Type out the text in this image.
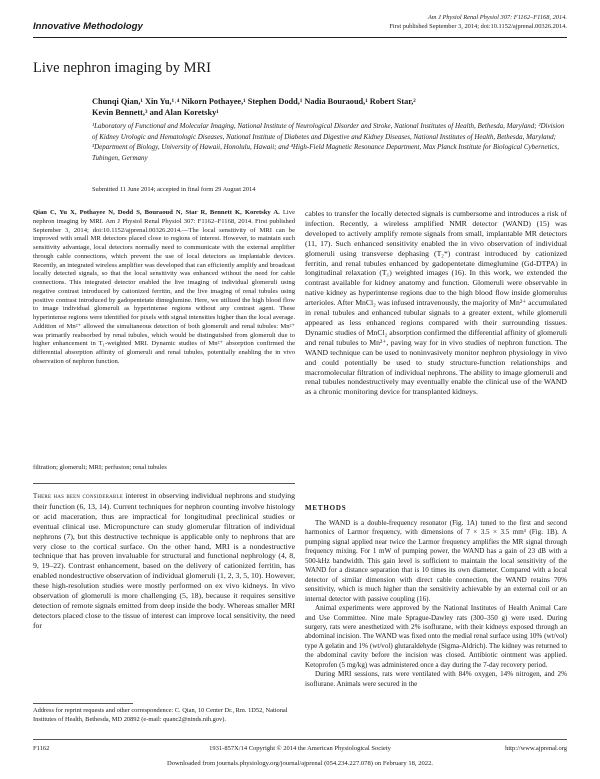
Innovative Methodology
Am J Physiol Renal Physiol 307: F1162–F1168, 2014.
First published September 3, 2014; doi:10.1152/ajprenal.00326.2014.
Live nephron imaging by MRI
Chunqi Qian,¹ Xin Yu,¹˒⁴ Nikorn Pothayee,¹ Stephen Dodd,¹ Nadia Bouraoud,¹ Robert Star,²
Kevin Bennett,³ and Alan Koretsky¹
¹Laboratory of Functional and Molecular Imaging, National Institute of Neurological Disorder and Stroke, National Institutes of Health, Bethesda, Maryland; ²Division of Kidney Urologic and Hematologic Diseases, National Institute of Diabetes and Digestive and Kidney Diseases, National Institutes of Health, Bethesda, Maryland; ³Department of Biology, University of Hawaii, Honolulu, Hawaii; and ⁴High-Field Magnetic Resonance Department, Max Planck Institute for Biological Cybernetics, Tubingen, Germany
Submitted 11 June 2014; accepted in final form 29 August 2014
Qian C, Yu X, Pothayee N, Dodd S, Bouraoud N, Star R, Bennett K, Koretsky A. Live nephron imaging by MRI. Am J Physiol Renal Physiol 307: F1162–F1168, 2014. First published September 3, 2014; doi:10.1152/ajprenal.00326.2014.—The local sensitivity of MRI can be improved with small MR detectors placed close to regions of interest. However, to maintain such sensitivity advantage, local detectors normally need to communicate with the external amplifier through cable connections, which prevent the use of local detectors as implantable devices. Recently, an integrated wireless amplifier was developed that can efficiently amplify and broadcast locally detected signals, so that the local sensitivity was enhanced without the need for cable connections. This integrated detector enabled the live imaging of individual glomeruli using negative contrast introduced by cationized ferritin, and the live imaging of renal tubules using positive contrast introduced by gadopentetate dimeglumine. Here, we utilized the high blood flow to image individual glomeruli as hyperintense regions without any contrast agent. These hyperintense regions were identified for pixels with signal intensities higher than the local average. Addition of Mn²⁺ allowed the simultaneous detection of both glomeruli and renal tubules: Mn²⁺ was primarily reabsorbed by renal tubules, which would be distinguished from glomeruli due to higher enhancement in T₁-weighted MRI. Dynamic studies of Mn²⁺ absorption confirmed the differential absorption affinity of glomeruli and renal tubules, potentially enabling the in vivo observation of nephron function.
filtration; glomeruli; MRI; perfusion; renal tubules
There has been considerable interest in observing individual nephrons and studying their function (6, 13, 14). Current techniques for nephron counting involve histology or acid maceration, thus are impractical for longitudinal preclinical studies or eventual clinical use. Micropuncture can study glomerular filtration of individual nephrons (7), but this destructive technique is applicable only to nephrons that are very close to the cortical surface. On the other hand, MRI is a nondestructive technique that has proven invaluable for structural and functional nephrology (4, 8, 9, 19–22). Contrast enhancement, based on the delivery of cationized ferritin, has enabled nondestructive observation of individual glomeruli (1, 2, 3, 5, 10). However, these high-resolution studies were mostly performed on ex vivo kidneys. In vivo observation of glomeruli is more challenging (5, 18), because it requires sensitive detection of remote signals emitted from deep inside the body. Whereas smaller MRI detectors placed close to the tissue of interest can improve local sensitivity, the need for
Address for reprint requests and other correspondence: C. Qian, 10 Center Dr., Rm. 1D52, National Institutes of Health, Bethesda, MD 20892 (e-mail: quanc2@ninds.nih.gov).
cables to transfer the locally detected signals is cumbersome and introduces a risk of infection. Recently, a wireless amplified NMR detector (WAND) (15) was developed to actively amplify remote signals from small, implantable MR detectors (11, 17). Such enhanced sensitivity enabled the in vivo observation of individual glomeruli using transverse dephasing (T₂*) contrast introduced by cationized ferritin, and renal tubules enhanced by gadopentetate dimeglumine (Gd-DTPA) in longitudinal relaxation (T₁) weighted images (16). In this work, we extended the contrast available for kidney anatomy and function. Glomeruli were observable in native kidney as hyperintense regions due to the high blood flow inside glomerulus arterioles. After MnCl₂ was infused intravenously, the majority of Mn²⁺ accumulated in renal tubules and enhanced tubular signals to a greater extent, while glomeruli appeared as less enhanced regions compared with their surrounding tissues. Dynamic studies of MnCl₂ absorption confirmed the differential affinity of glomeruli and renal tubules to Mn²⁺, paving way for in vivo studies of nephron function. The WAND technique can be used to noninvasively monitor nephron physiology in vivo and could potentially be used to study structure-function relationships and macromolecular filtration of individual nephrons. The ability to image glomeruli and renal tubules nondestructively may eventually enable the clinical use of the WAND as a chronic monitoring device for transplanted kidneys.
METHODS

The WAND is a double-frequency resonator (Fig. 1A) tuned to the first and second harmonics of Larmor frequency, with dimensions of 7 × 3.5 × 3.5 mm³ (Fig. 1B). A pumping signal applied near twice the Larmor frequency amplifies the MR signal through frequency mixing. For 1 mW of pumping power, the WAND has a gain of 23 dB with a 500-kHz bandwidth. This gain level is sufficient to maintain the local sensitivity of the WAND for a distance separation that is 10 times its own diameter. Compared with a local detector of similar dimension with direct cable connection, the WAND retains 70% sensitivity, which is much higher than the sensitivity achievable by an external coil or an internal detector with passive coupling (16).

Animal experiments were approved by the National Institutes of Health Animal Care and Use Committee. Nine male Sprague-Dawley rats (300–350 g) were used. During surgery, rats were anesthetized with 2% isoflurane, with their kidneys exposed through an abdominal incision. The WAND was fixed onto the medial renal surface using 10% (wt/vol) type A gelatin and 1% (wt/vol) glutaraldehyde (Sigma-Aldrich). The kidney was returned to the abdominal cavity before the incision was closed. Antibiotic ointment was applied. Ketoprofen (5 mg/kg) was administered once a day during the 7-day recovery period.

During MRI sessions, rats were ventilated with 84% oxygen, 14% nitrogen, and 2% isoflurane. Animals were secured in the

F1162	1931-857X/14 Copyright © 2014 the American Physiological Society	http://www.ajprenal.org
Downloaded from journals.physiology.org/journal/ajprenal (054.234.227.078) on February 18, 2022.
